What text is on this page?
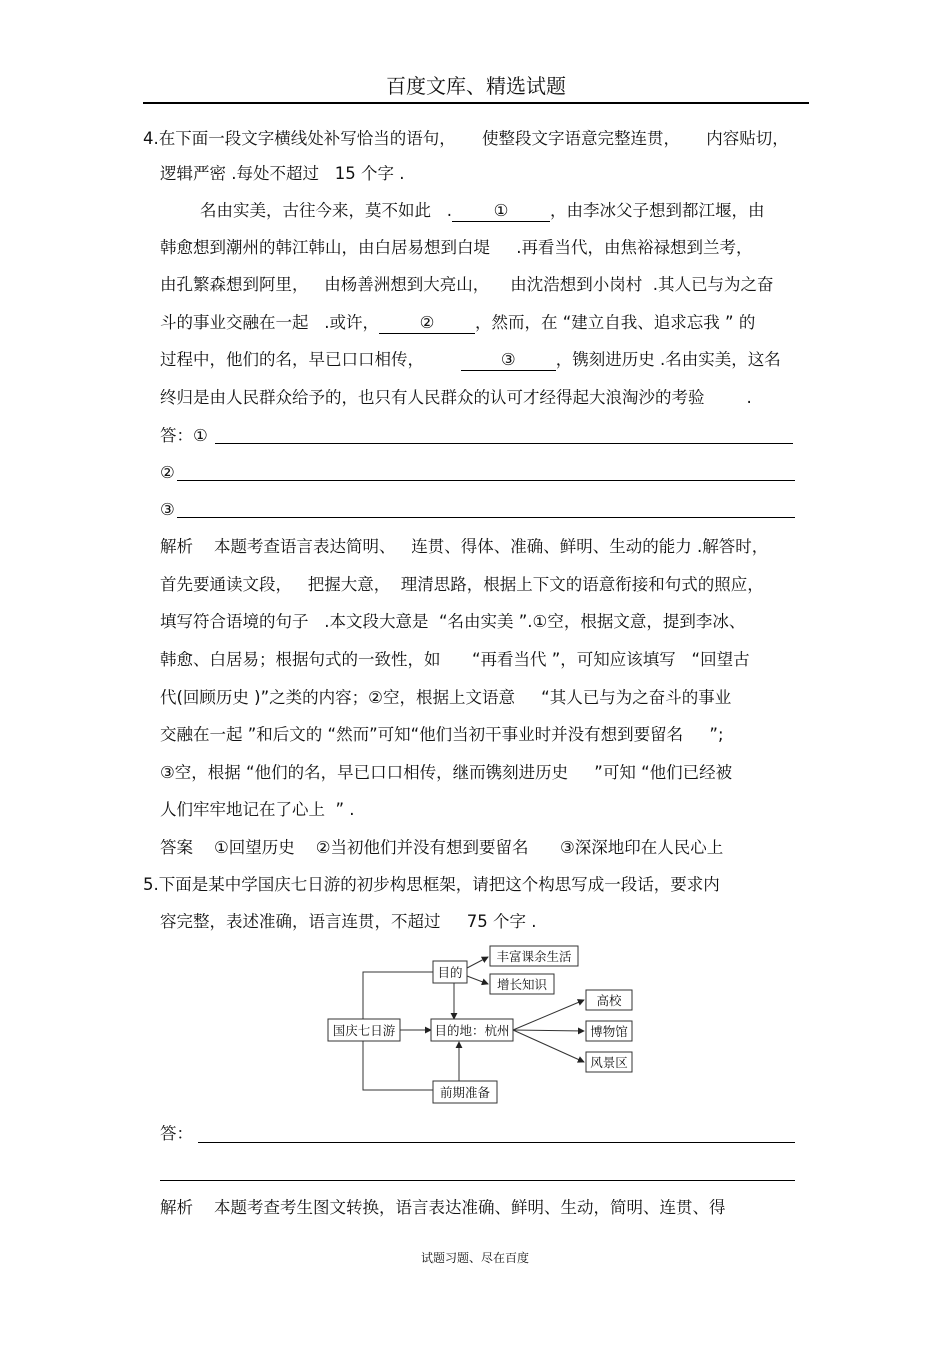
百度文库、精选试题
4.在下面一段文字横线处补写恰当的语句，     使整段文字语意完整连贯，     内容贴切，
逻辑严密 .每处不超过   15 个字 .
名由实美，古往今来，莫不如此   .	①	，由李冰父子想到都江堰，由
韩愈想到潮州的韩江韩山，由白居易想到白堤     .再看当代，由焦裕禄想到兰考，
由孔繁森想到阿里，   由杨善洲想到大亮山，    由沈浩想到小岗村  .其人已与为之奋
斗的事业交融在一起   .或许， ② ，然而，在 “建立自我、追求忘我 ” 的
过程中，他们的名，早已口口相传，       ③ ，镌刻进历史 .名由实美，这名
终归是由人民群众给予的，也只有人民群众的认可才经得起大浪淘沙的考验        .
答：①
②
③
解析    本题考查语言表达简明、   连贯、得体、准确、鲜明、生动的能力 .解答时，
首先要通读文段，   把握大意，  理清思路，根据上下文的语意衔接和句式的照应，
填写符合语境的句子   .本文段大意是  “名由实美 ”.①空，根据文意，提到李冰、
韩愈、白居易；根据句式的一致性，如      “再看当代 ”，可知应该填写   “回望古
代(回顾历史 )”之类的内容；②空，根据上文语意     “其人已与为之奋斗的事业
交融在一起 ”和后文的 “然而”可知“他们当初干事业时并没有想到要留名     ”;
③空，根据 “他们的名，早已口口相传，继而镌刻进历史     ”可知 “他们已经被
人们牢牢地记在了心上  ” .
答案    ①回望历史    ②当初他们并没有想到要留名      ③深深地印在人民心上
5.下面是某中学国庆七日游的初步构思框架，请把这个构思写成一段话，要求内
容完整，表述准确，语言连贯，不超过     75 个字 .
国庆七日游
目的
丰富课余生活
增长知识
目的地：杭州
高校
博物馆
风景区
前期准备
答：
解析    本题考查考生图文转换，语言表达准确、鲜明、生动，简明、连贯、得
试题习题、尽在百度
